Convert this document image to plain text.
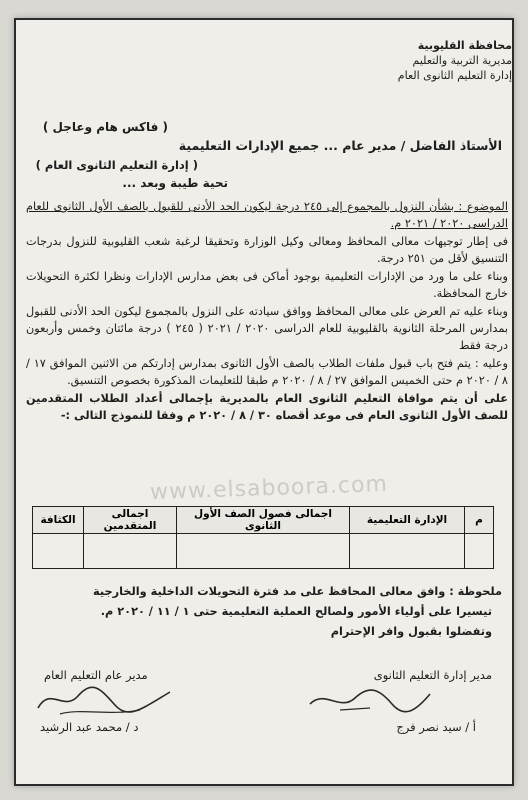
محافظة القليوبية
مديرية التربية والتعليم
إدارة التعليم الثانوى العام
( فاكس هام وعاجل )
الأستاذ الفاضل / مدير عام ... جميع الإدارات التعليمية
( إدارة التعليم الثانوى العام )
تحية طيبة وبعد ...

الموضوع : بشأن النزول بالمجموع إلى ٢٤٥ درجة ليكون الحد الأدنى للقبول بالصف الأول الثانوى للعام الدراسى ٢٠٢٠ / ٢٠٢١ م.

فى إطار توجيهات معالى المحافظ ومعالى وكيل الوزارة وتحقيقا لرغبة شعب القليوبية للنزول بدرجات التنسيق لأقل من ٢٥١ درجة.

وبناء على ما ورد من الإدارات التعليمية بوجود أماكن فى بعض مدارس الإدارات ونظرا لكثرة التحويلات خارج المحافظة.

وبناء عليه تم العرض على معالى المحافظ ووافق سيادته على النزول بالمجموع ليكون الحد الأدنى للقبول بمدارس المرحلة الثانوية بالقليوبية للعام الدراسى ٢٠٢٠ / ٢٠٢١ ( ٢٤٥ ) درجة مائتان وخمس وأربعون درجة فقط

وعليه : يتم فتح باب قبول ملفات الطلاب بالصف الأول الثانوى بمدارس إدارتكم من الاثنين الموافق ١٧ / ٨ / ٢٠٢٠ م حتى الخميس الموافق ٢٧ / ٨ / ٢٠٢٠ م طبقا للتعليمات المذكورة بخصوص التنسيق.

على أن يتم موافاة التعليم الثانوى العام بالمديرية بإجمالى أعداد الطلاب المتقدمين للصف الأول الثانوى العام فى موعد أقصاه ٣٠ / ٨ / ٢٠٢٠ م وفقا للنموذج التالى :-

www.elsaboora.com
م	الإدارة التعليمية	اجمالى فصول الصف الأول الثانوى	اجمالى المتقدمين	الكثافة

ملحوظة : وافق معالى المحافظ على مد فترة التحويلات الداخلية والخارجية
تيسيرا على أولياء الأمور ولصالح العملية التعليمية حتى ١ / ١١ / ٢٠٢٠ م.
وتفضلوا بقبول وافر الإحترام
مدير إدارة التعليم الثانوى
مدير عام التعليم العام
أ / سيد نصر فرج
د / محمد عبد الرشيد
